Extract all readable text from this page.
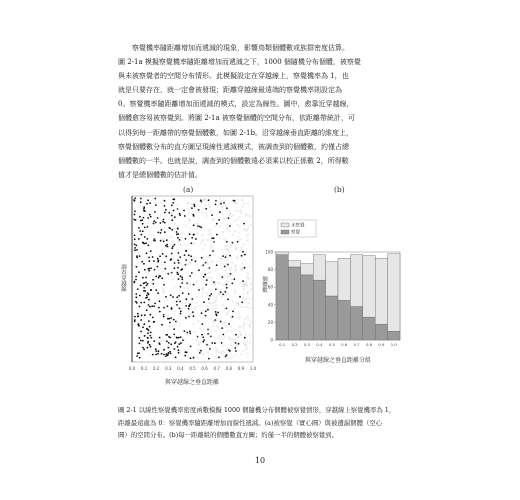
察覺機率隨距離增加而遞減的現象，影響鳥類個體數或族群密度估算。
圖 2-1a 模擬察覺機率隨距離增加而遞減之下，1000 個隨機分布個體，被察覺
與未被察覺者的空間分布情形。此模擬設定在穿越線上，察覺機率為 1，也
就是只要存在，就一定會被發現；距離穿越線最遠端的察覺機率則設定為
0。察覺機率隨距離增加而遞減的模式，設定為線性。圖中，愈靠近穿越線，
個體愈容易被察覺到。將圖 2-1a 被察覺個體的空間分布，依距離帶統計，可
以得到每一距離帶的察覺個體數，如圖 2-1b。沿穿越線垂直距離的維度上，
察覺個體數分布的直方圖呈現線性遞減模式，被調查到的個體數，約僅占總
個體數的一半。也就是說，調查到的個體數遠必須乘以校正係數 2，所得數
值才是總個體數的估計值。
(a)	(b)
0.0 0.1 0.2 0.3 0.4 0.5 0.6 0.7 0.8 0.9 1.0
與穿越線之垂直距離
調查穿越線
0
20
40
60
80
100
0.1 0.2 0.3 0.4 0.5 0.6 0.7 0.8 0.9 1.0
未察覺
察覺
個體數
與穿越線之垂直距離分組
圖 2-1 以線性察覺機率密度函數模擬 1000 個隨機分布個體被察覺情形，穿越線上察覺機率為 1，
距離最遠處為 0：察覺機率隨距離增加而線性遞減。(a)被察覺（實心圓）與被遺漏個體（空心
圓）的空間分布。(b)每一距離組的個體數直方圖；約僅一半的個體被察覺到。
10
